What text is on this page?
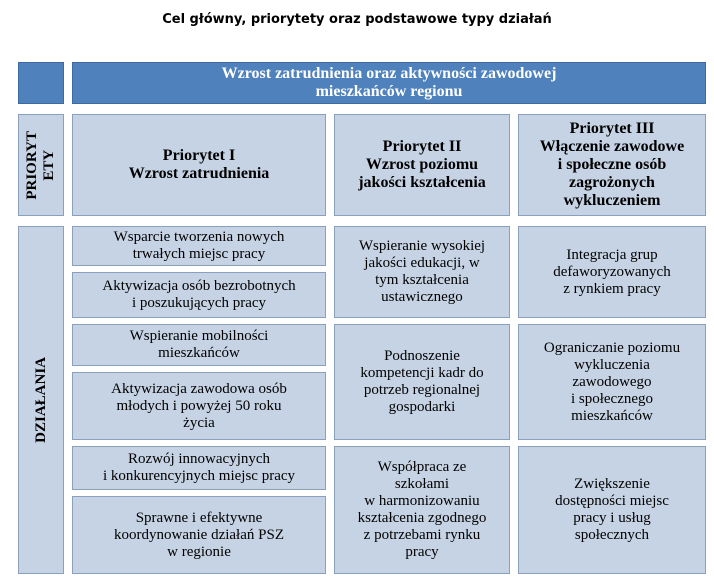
Cel główny, priorytety oraz podstawowe typy działań
Wzrost zatrudnienia oraz aktywności zawodowej
mieszkańców regionu
PRIORYT
ETY	Priorytet I
Wzrost zatrudnienia
Priorytet II
Wzrost poziomu
jakości kształcenia
Priorytet III
Włączenie zawodowe
i społeczne osób
zagrożonych
wykluczeniem
DZIAŁANIA
Wsparcie tworzenia nowych
trwałych miejsc pracy
Aktywizacja osób bezrobotnych
i poszukujących pracy
Wspieranie mobilności
mieszkańców
Aktywizacja zawodowa osób
młodych i powyżej 50 roku
życia
Rozwój innowacyjnych
i konkurencyjnych miejsc pracy
Sprawne i efektywne
koordynowanie działań PSZ
w regionie
Wspieranie wysokiej
jakości edukacji, w
tym kształcenia
ustawicznego
Podnoszenie
kompetencji kadr do
potrzeb regionalnej
gospodarki
Współpraca ze
szkołami
w harmonizowaniu
kształcenia zgodnego
z potrzebami rynku
pracy
Integracja grup
defaworyzowanych
z rynkiem pracy
Ograniczanie poziomu
wykluczenia
zawodowego
i społecznego
mieszkańców
Zwiększenie
dostępności miejsc
pracy i usług
społecznych
